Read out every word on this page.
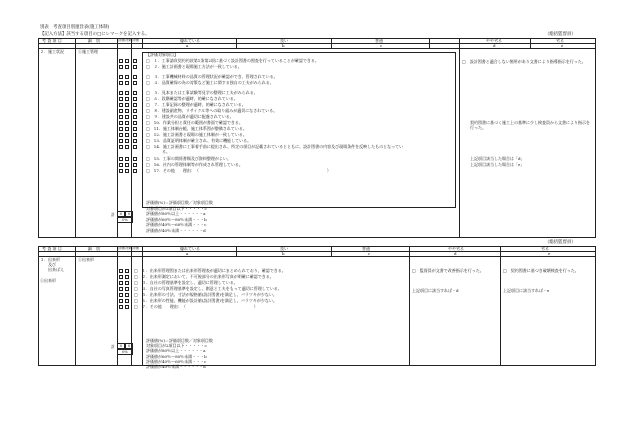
別表　考査項目別運営表(施工体制)
【記入方法】該当する項目の□にレマークを記入する。	（総括監督員）
考 査 項 目	細　別	評価対象 評価	優れている	良い	普通	やや劣る	劣る
a	b	c	d	e
２．施工状況	①施工管理
【評価対象項目】
□　１．工事請負契約約款第1条第2項に基づく設計図書の照査を行っていることが確認できる。
□　２．施工計画書と現場施工方法が一致している。
□　３．工事機械材料の品質の管理状況が確認ができ、管理されている。
□　４．品質確保の為の対策など施工に関する独自の工夫がみられる。
□　５．見本または工事試験等見学の整理に工夫がみられる。
□　６．段階確認等が適時、的確になされている。
□　７．工事記録の整理が適時、的確になされている。
□　８．建設副産物、リサイクル等への取り組みが適切になされている。
□　９．建設共の品質が適切に配慮されている。
□　10．作業分担と責任の範囲が書面で確認できる。
□　11．施工体制台帳、施工体系図が整備されている。
□　12．施工計画書と現場の施工体制が一致している。
□　13．品質証明体制が確立され、有効に機能している。
□　14．施工計画書に工事着手前に提出され、所定の項目が記載されているとともに、設計図書の内容及び現場条件を反映したものとなってい
　　　　る。
□　15．工事の関係書類及び資料整理がよい。
□　16．社内の管理体制等が作成され管理している。
□　17．その他　　理由：（　　　　　　　　　　　　　　　　　　　　　　　　　　　　　　　　）
□　設計図書と適合しない箇所があり文書により指導指示を行った。
契約図書に基づく施工上の基準に少し検査員から文書により指示を行った。
上記項目該当した場合は「d」
上記項目該当した場合は「e」
計	0	0
0%
評価値(%)＝評価項目数／対象項目数
対象項目が2項目以下・・・・・c
評価値が80％以上・・・・・・a
評価値が60％～80％未満・・・b
評価値が40％～60％未満・・・c
評価値が40％未満・・・・・・d
（総括監督員）
考 査 項 目	細　別	評価対象 評価	優れている	良い	普通	やや劣る	劣る
a	b	c	d	e
３．出来形
及び
出来ばえ
①出来形
①出来形
□　１．出来形管理図または出来形管理表が適切にまとめられており、確認できる。
□　２．出来形測定において、不可視部分の出来形写真が明確に確認できる。
□　３．自社の管理基準を設定し、適切に管理している。
□　４．自社の写真管理基準を設定し、創意と工夫をもって適切に管理している。
□　５．出来形の寸法、寸法が規格値(設計図書)を満足し、バラツキが少ない。
□　６．出来形の性能、機能が設計値(設計図書)を満足し、バラツキが少ない。
□　７．その他　　理由：（　　　　　　　　　　　　　　　　　）
□　監督員が文書で改善指示を行った。
上記項目に該当すれば・d
□　契約図書に基づき破壊検査を行った。
上記項目に該当すれば・e
計	0	0
0%
評価値(%)＝評価項目数／対象項目数
対象項目が2項目以下・・・・・c
評価値が80％以上・・・・・・a
評価値が60％～80％未満・・・b
評価値が40％～60％未満・・・c
評価値が40％未満・・・・・・d
